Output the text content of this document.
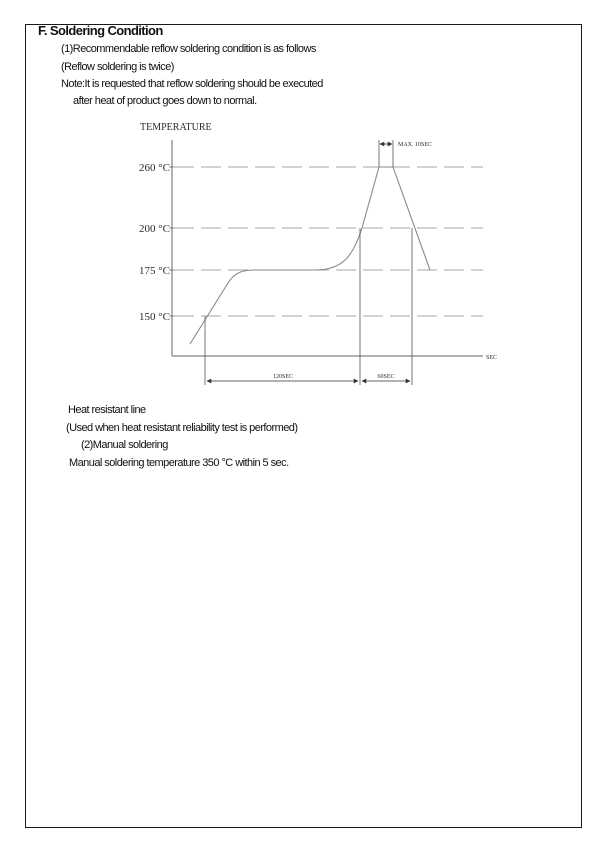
F. Soldering Condition
(1)Recommendable reflow soldering condition is as follows
(Reflow soldering is twice)
Note:It is requested that reflow soldering should be executed
after heat of product goes down to normal.
TEMPERATURE
SEC
260 °C
200 °C
175 °C
150 °C
120SEC	60SEC
MAX. 10SEC
Heat resistant line
(Used when heat resistant reliability test is performed)
(2)Manual soldering
Manual soldering temperature 350 °C within 5 sec.
